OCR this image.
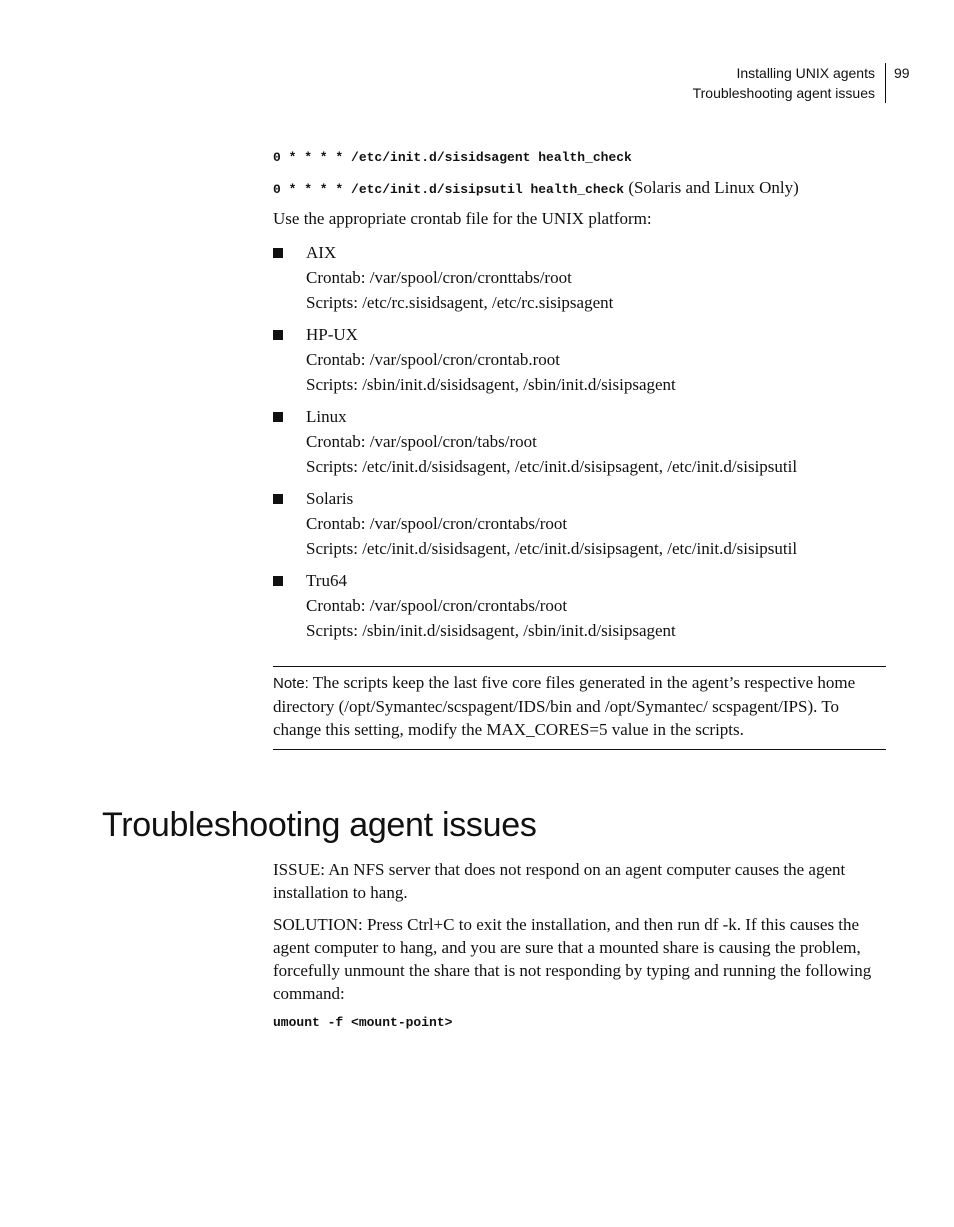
Installing UNIX agents
Troubleshooting agent issues
99
0 * * * * /etc/init.d/sisidsagent health_check
0 * * * * /etc/init.d/sisipsutil health_check (Solaris and Linux Only)
Use the appropriate crontab file for the UNIX platform:
AIX
Crontab: /var/spool/cron/cronttabs/root
Scripts: /etc/rc.sisidsagent, /etc/rc.sisipsagent
HP-UX
Crontab: /var/spool/cron/crontab.root
Scripts: /sbin/init.d/sisidsagent, /sbin/init.d/sisipsagent
Linux
Crontab: /var/spool/cron/tabs/root
Scripts: /etc/init.d/sisidsagent, /etc/init.d/sisipsagent, /etc/init.d/sisipsutil
Solaris
Crontab: /var/spool/cron/crontabs/root
Scripts: /etc/init.d/sisidsagent, /etc/init.d/sisipsagent, /etc/init.d/sisipsutil
Tru64
Crontab: /var/spool/cron/crontabs/root
Scripts: /sbin/init.d/sisidsagent, /sbin/init.d/sisipsagent
Note: The scripts keep the last five core files generated in the agent’s respective home directory (/opt/Symantec/scspagent/IDS/bin and /opt/Symantec/ scspagent/IPS). To change this setting, modify the MAX_CORES=5 value in the scripts.
Troubleshooting agent issues
ISSUE: An NFS server that does not respond on an agent computer causes the agent installation to hang.
SOLUTION: Press Ctrl+C to exit the installation, and then run df -k. If this causes the agent computer to hang, and you are sure that a mounted share is causing the problem, forcefully unmount the share that is not responding by typing and running the following command:
umount -f <mount-point>
